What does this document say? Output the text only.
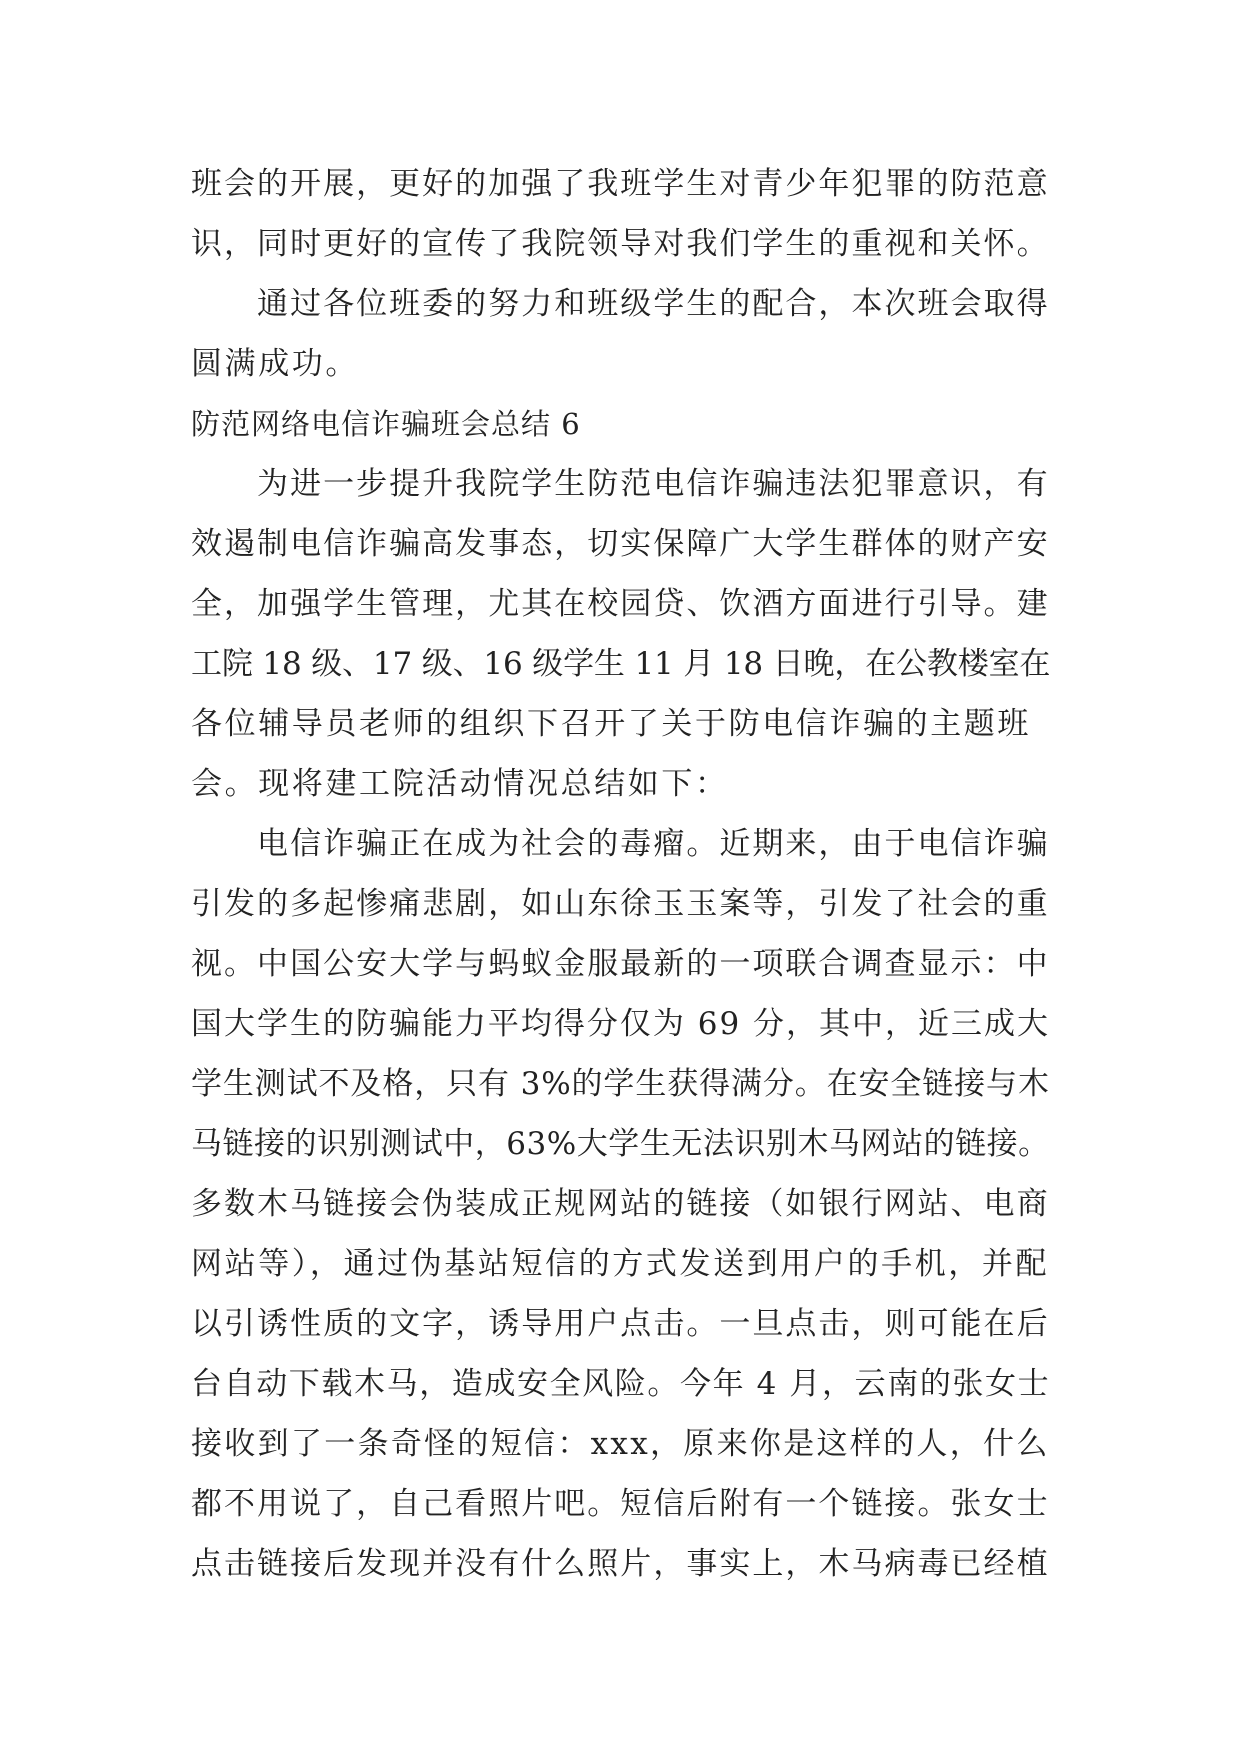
班会的开展，更好的加强了我班学生对青少年犯罪的防范意
识，同时更好的宣传了我院领导对我们学生的重视和关怀。
　　通过各位班委的努力和班级学生的配合，本次班会取得
圆满成功。
防范网络电信诈骗班会总结 6
　　为进一步提升我院学生防范电信诈骗违法犯罪意识，有
效遏制电信诈骗高发事态，切实保障广大学生群体的财产安
全，加强学生管理，尤其在校园贷、饮酒方面进行引导。建
工院 18 级、17 级、16 级学生 11 月 18 日晚，在公教楼室在
各位辅导员老师的组织下召开了关于防电信诈骗的主题班
会。现将建工院活动情况总结如下：
　　电信诈骗正在成为社会的毒瘤。近期来，由于电信诈骗
引发的多起惨痛悲剧，如山东徐玉玉案等，引发了社会的重
视。中国公安大学与蚂蚁金服最新的一项联合调查显示：中
国大学生的防骗能力平均得分仅为 69 分，其中，近三成大
学生测试不及格，只有 3%的学生获得满分。在安全链接与木
马链接的识别测试中，63%大学生无法识别木马网站的链接。
多数木马链接会伪装成正规网站的链接（如银行网站、电商
网站等），通过伪基站短信的方式发送到用户的手机，并配
以引诱性质的文字，诱导用户点击。一旦点击，则可能在后
台自动下载木马，造成安全风险。今年 4 月，云南的张女士
接收到了一条奇怪的短信：xxx，原来你是这样的人，什么
都不用说了，自己看照片吧。短信后附有一个链接。张女士
点击链接后发现并没有什么照片，事实上，木马病毒已经植
